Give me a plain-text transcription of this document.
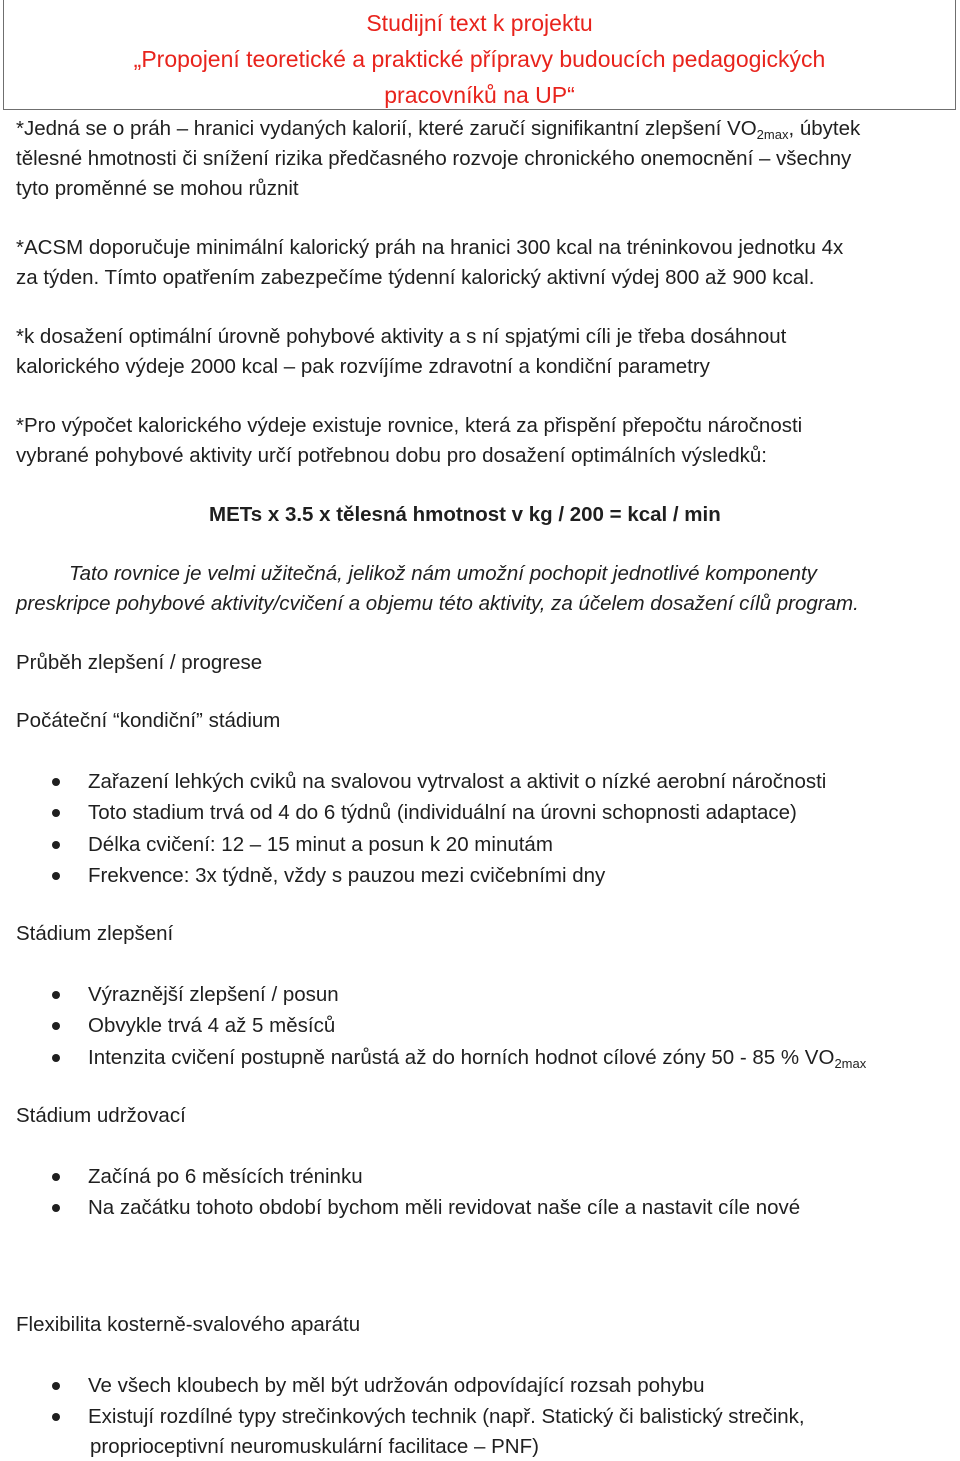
Studijní text k projektu
„Propojení teoretické a praktické přípravy budoucích pedagogických
pracovníků na UP“

*Jedná se o práh – hranici vydaných kalorií, které zaručí signifikantní zlepšení $VO_{2max}$, úbytek

tělesné hmotnosti či snížení rizika předčasného rozvoje chronického onemocnění – všechny

tyto proměnné se mohou různit

*ACSM doporučuje minimální kalorický práh na hranici 300 kcal na tréninkovou jednotku 4x

za týden. Tímto opatřením zabezpečíme týdenní kalorický aktivní výdej 800 až 900 kcal.

*k dosažení optimální úrovně pohybové aktivity a s ní spjatými cíli je třeba dosáhnout

kalorického výdeje 2000 kcal – pak rozvíjíme zdravotní a kondiční parametry

*Pro výpočet kalorického výdeje existuje rovnice, která za přispění přepočtu náročnosti

vybrané pohybové aktivity určí potřebnou dobu pro dosažení optimálních výsledků:

METs x 3.5 x tělesná hmotnost v kg / 200 = kcal / min

Tato rovnice je velmi užitečná, jelikož nám umožní pochopit jednotlivé komponenty

preskripce pohybové aktivity/cvičení a objemu této aktivity, za účelem dosažení cílů program.

Průběh zlepšení / progrese

Počáteční “kondiční” stádium

Zařazení lehkých cviků na svalovou vytrvalost a aktivit o nízké aerobní náročnosti
Toto stadium trvá od 4 do 6 týdnů (individuální na úrovni schopnosti adaptace)
Délka cvičení: 12 – 15 minut a posun k 20 minutám
Frekvence: 3x týdně, vždy s pauzou mezi cvičebními dny

Stádium zlepšení

Výraznější zlepšení / posun
Obvykle trvá 4 až 5 měsíců
Intenzita cvičení postupně narůstá až do horních hodnot cílové zóny 50 - 85 % $VO_{2max}$

Stádium udržovací

Začíná po 6 měsících tréninku
Na začátku tohoto období bychom měli revidovat naše cíle a nastavit cíle nové

Flexibilita kosterně-svalového aparátu

Ve všech kloubech by měl být udržován odpovídající rozsah pohybu
Existují rozdílné typy strečinkových technik (např. Statický či balistický strečink,
proprioceptivní neuromuskulární facilitace – PNF)
